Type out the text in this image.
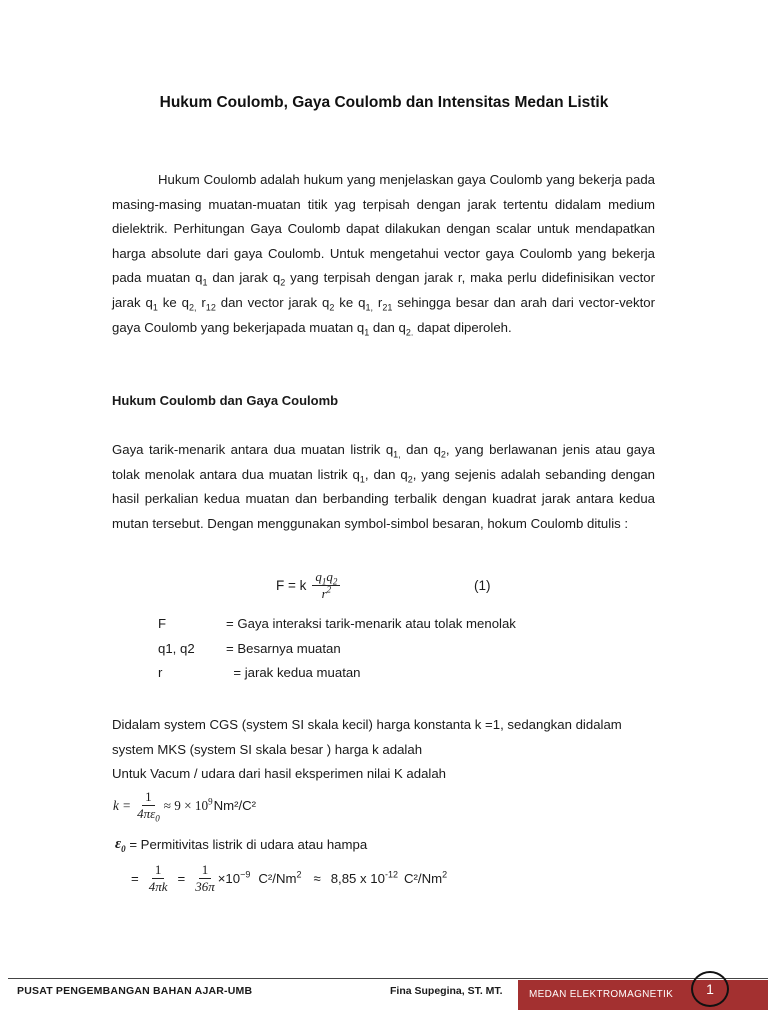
Hukum Coulomb, Gaya Coulomb dan Intensitas Medan Listik

Hukum Coulomb adalah hukum yang menjelaskan gaya Coulomb yang bekerja pada masing-masing muatan-muatan titik yag terpisah dengan jarak tertentu didalam medium dielektrik. Perhitungan Gaya Coulomb dapat dilakukan dengan scalar untuk mendapatkan harga absolute dari gaya Coulomb. Untuk mengetahui vector gaya Coulomb yang bekerja pada muatan $q_1$ dan jarak $q_2$ yang terpisah dengan jarak r, maka perlu didefinisikan vector jarak $q_1$ ke $q_{2,}$ $r_{12}$ dan vector jarak $q_2$ ke $q_{1,}$ $r_{21}$ sehingga besar dan arah dari vector-vektor gaya Coulomb yang bekerjapada muatan $q_1$ dan $q_{2.}$ dapat diperoleh.

Hukum Coulomb dan Gaya Coulomb

Gaya tarik-menarik antara dua muatan listrik $q_{1,}$ dan $q_2$, yang berlawanan jenis atau gaya tolak menolak antara dua muatan listrik $q_1$, dan $q_2$, yang sejenis adalah sebanding dengan hasil perkalian kedua muatan dan berbanding terbalik dengan kuadrat jarak antara kedua mutan tersebut. Dengan menggunakan symbol-simbol besaran, hokum Coulomb ditulis :

F = k $\frac{q_1q_2}{r^2}$	(1)
F	= Gaya interaksi tarik-menarik atau tolak menolak
q1, q2 = Besarnya muatan
r	= jarak kedua muatan
Didalam system CGS (system SI skala kecil) harga konstanta k =1, sedangkan didalam
system MKS (system SI skala besar ) harga k adalah
Untuk Vacum / udara dari hasil eksperimen nilai K adalah
$k = \frac{1}{4\pi\varepsilon_0} \approx 9 \times 10^9$ Nm²/C²
$\varepsilon_0$ = Permitivitas listrik di udara atau hampa
= $\frac{1}{4\pi k} = \frac{1}{36\pi} \times 10^{-9}$ $C^2/Nm^2 \approx 8,85$ x $10^{-12}$ C²/Nm$^2$
PUSAT PENGEMBANGAN BAHAN AJAR-UMB	Fina Supegina, ST. MT.	MEDAN ELEKTROMAGNETIK	1
